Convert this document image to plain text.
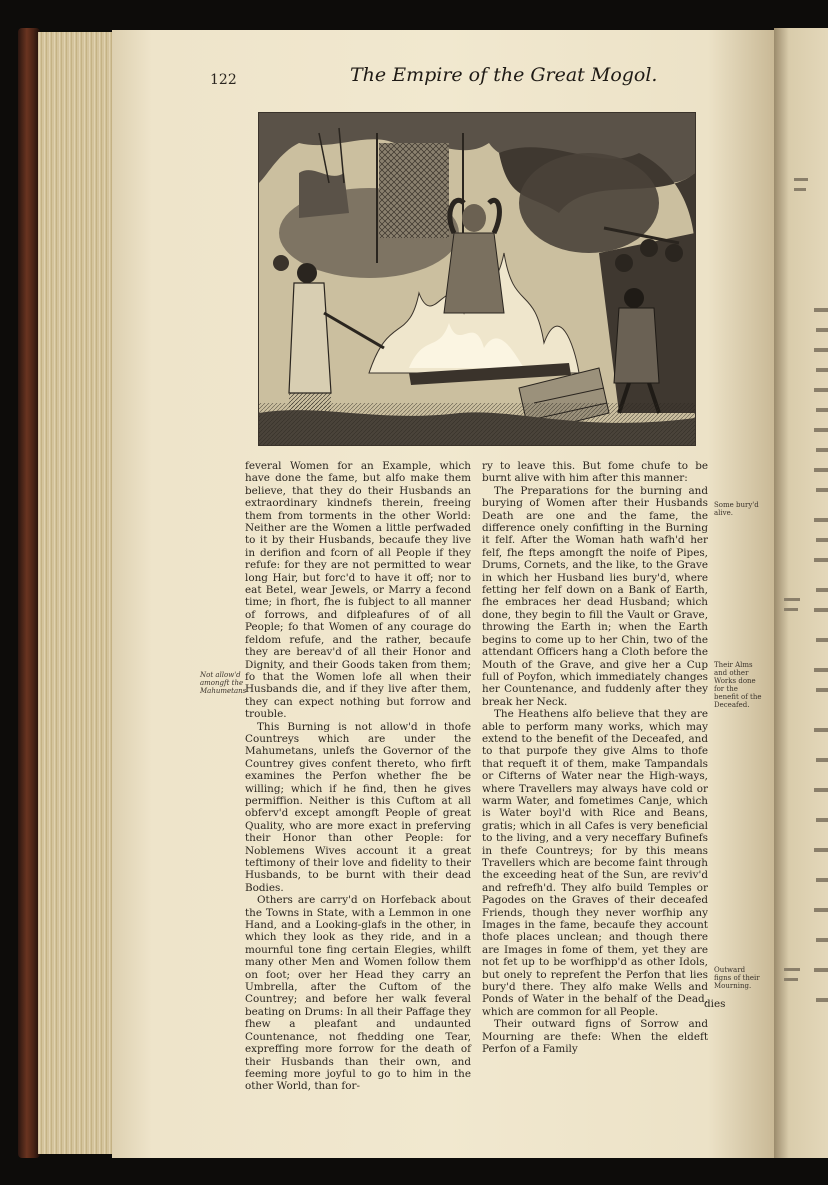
122	The Empire of the Great Mogol.

feveral Women for an Example, which have done the fame, but alfo make them believe, that they do their Husbands an extraordinary kindnefs therein, freeing them from torments in the other World: Neither are the Women a little perfwaded to it by their Husbands, becaufe they live in derifion and fcorn of all People if they refufe: for they are not permitted to wear long Hair, but forc'd to have it off; nor to eat Betel, wear Jewels, or Marry a fecond time; in fhort, fhe is fubject to all manner of forrows, and difpleafures of of all People; fo that Women of any courage do feldom refufe, and the rather, becaufe they are bereav'd of all their Honor and Dignity, and their Goods taken from them; fo that the Women lofe all when their Husbands die, and if they live after them, they can expect nothing but forrow and trouble.

This Burning is not allow'd in thofe Countreys which are under the Mahumetans, unlefs the Governor of the Countrey gives confent thereto, who firft examines the Perfon whether fhe be willing; which if he find, then he gives permiffion. Neither is this Cuftom at all obferv'd except amongft People of great Quality, who are more exact in preferving their Honor than other People: for Noblemens Wives account it a great teftimony of their love and fidelity to their Husbands, to be burnt with their dead Bodies.

Others are carry'd on Horfeback about the Towns in State, with a Lemmon in one Hand, and a Looking-glafs in the other, in which they look as they ride, and in a mournful tone fing certain Elegies, whilft many other Men and Women follow them on foot; over her Head they carry an Umbrella, after the Cuftom of the Countrey; and before her walk feveral beating on Drums: In all their Paffage they fhew a pleafant and undaunted Countenance, not fhedding one Tear, expreffing more forrow for the death of their Husbands than their own, and feeming more joyful to go to him in the other World, than for-

ry to leave this. But fome chufe to be burnt alive with him after this manner:

The Preparations for the burning and burying of Women after their Husbands Death are one and the fame, the difference onely confifting in the Burning it felf. After the Woman hath wafh'd her felf, fhe fteps amongft the noife of Pipes, Drums, Cornets, and the like, to the Grave in which her Husband lies bury'd, where fetting her felf down on a Bank of Earth, fhe embraces her dead Husband; which done, they begin to fill the Vault or Grave, throwing the Earth in; when the Earth begins to come up to her Chin, two of the attendant Officers hang a Cloth before the Mouth of the Grave, and give her a Cup full of Poyfon, which immediately changes her Countenance, and fuddenly after they break her Neck.

The Heathens alfo believe that they are able to perform many works, which may extend to the benefit of the Deceafed, and to that purpofe they give Alms to thofe that requeft it of them, make Tampandals or Cifterns of Water near the High-ways, where Travellers may always have cold or warm Water, and fometimes Canje, which is Water boyl'd with Rice and Beans, gratis; which in all Cafes is very beneficial to the living, and a very neceffary Bufinefs in thefe Countreys; for by this means Travellers which are become faint through the exceeding heat of the Sun, are reviv'd and refrefh'd. They alfo build Temples or Pagodes on the Graves of their deceafed Friends, though they never worfhip any Images in the fame, becaufe they account thofe places unclean; and though there are Images in fome of them, yet they are not fet up to be worfhipp'd as other Idols, but onely to reprefent the Perfon that lies bury'd there. They alfo make Wells and Ponds of Water in the behalf of the Dead, which are common for all People.

Their outward figns of Sorrow and Mourning are thefe: When the eldeft Perfon of a Family

dies
Not allow'd amongft the Mahumetans
Some bury'd alive.
Their Alms and other Works done for the benefit of the Deceafed.
Outward figns of their Mourning.
